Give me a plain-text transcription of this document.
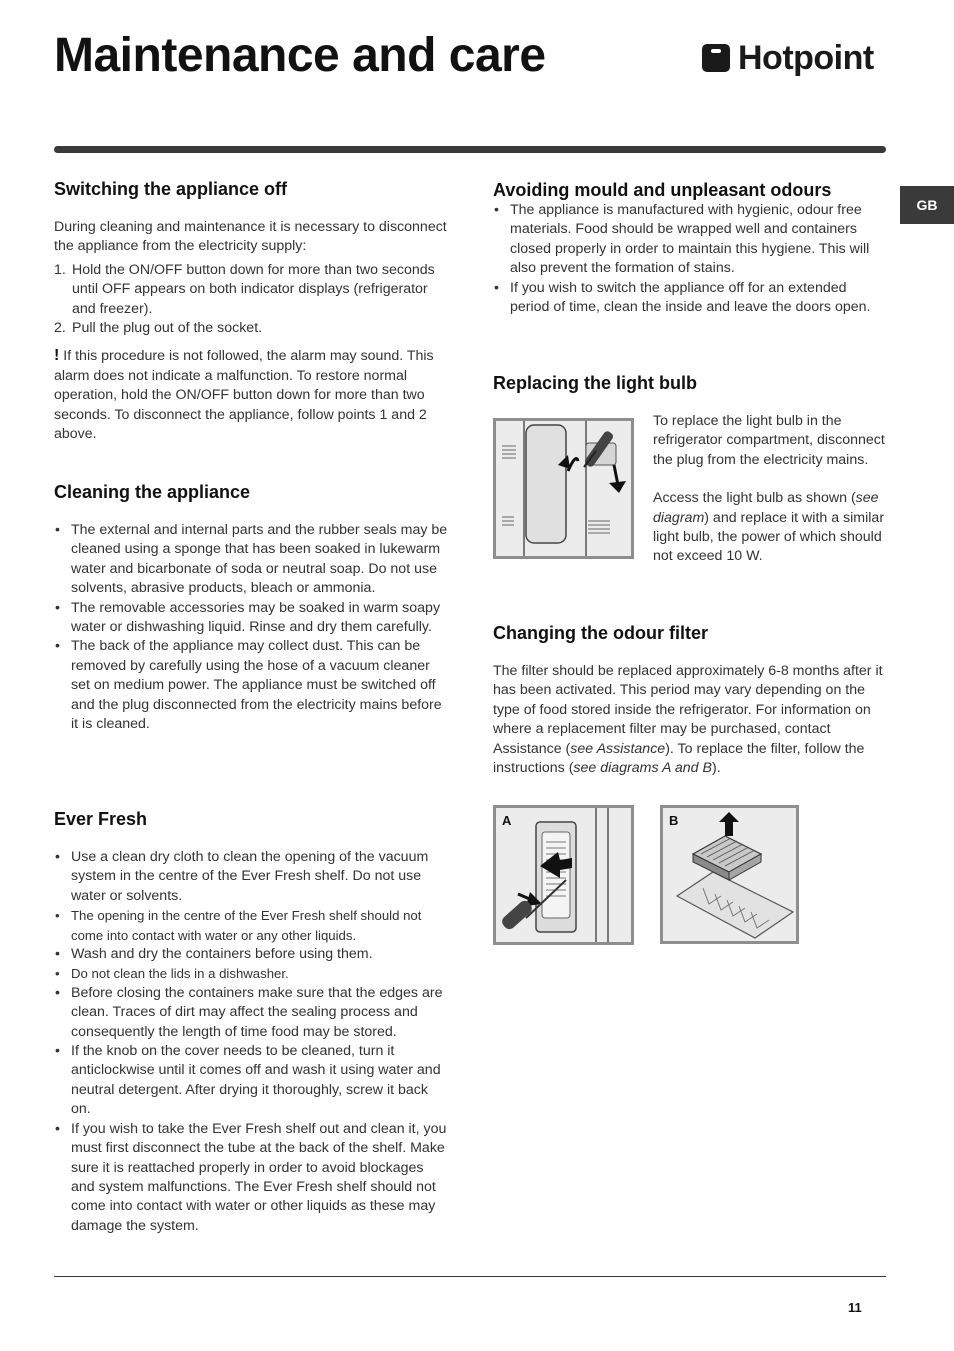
Maintenance and care	Hotpoint
GB
Switching the appliance off

During cleaning and maintenance it is necessary to disconnect the appliance from the electricity supply:

1. Hold the ON/OFF button down for more than two seconds until OFF appears on both indicator displays (refrigerator and freezer).
2. Pull the plug out of the socket.

! If this procedure is not followed, the alarm may sound. This alarm does not indicate a malfunction. To restore normal operation, hold the ON/OFF button down for more than two seconds. To disconnect the appliance, follow points 1 and 2 above.

Cleaning the appliance
• The external and internal parts and the rubber seals may be cleaned using a sponge that has been soaked in lukewarm water and bicarbonate of soda or neutral soap. Do not use solvents, abrasive products, bleach or ammonia.
• The removable accessories may be soaked in warm soapy water or dishwashing liquid. Rinse and dry them carefully.
• The back of the appliance may collect dust. This can be removed by carefully using the hose of a vacuum cleaner set on medium power. The appliance must be switched off and the plug disconnected from the electricity mains before it is cleaned.
Ever Fresh
• Use a clean dry cloth to clean the opening of the vacuum system in the centre of the Ever Fresh shelf. Do not use water or solvents.
• The opening in the centre of the Ever Fresh shelf should not come into contact with water or any other liquids.
• Wash and dry the containers before using them.
• Do not clean the lids in a dishwasher.
• Before closing the containers make sure that the edges are clean. Traces of dirt may affect the sealing process and consequently the length of time food may be stored.
• If the knob on the cover needs to be cleaned, turn it anticlockwise until it comes off and wash it using water and neutral detergent. After drying it thoroughly, screw it back on.
• If you wish to take the Ever Fresh shelf out and clean it, you must first disconnect the tube at the back of the shelf. Make sure it is reattached properly in order to avoid blockages and system malfunctions. The Ever Fresh shelf should not come into contact with water or other liquids as these may damage the system.
Avoiding mould and unpleasant odours
• The appliance is manufactured with hygienic, odour free materials. Food should be wrapped well and containers closed properly in order to maintain this hygiene. This will also prevent the formation of stains.
• If you wish to switch the appliance off for an extended period of time, clean the inside and leave the doors open.
Replacing the light bulb

To replace the light bulb in the refrigerator compartment, disconnect the plug from the electricity mains.

Access the light bulb as shown (see diagram) and replace it with a similar light bulb, the power of which should not exceed 10 W.

Changing the odour filter

The filter should be replaced approximately 6-8 months after it has been activated. This period may vary depending on the type of food stored inside the refrigerator. For information on where a replacement filter may be purchased, contact Assistance (see Assistance). To replace the filter, follow the instructions (see diagrams A and B).

A	B
11
